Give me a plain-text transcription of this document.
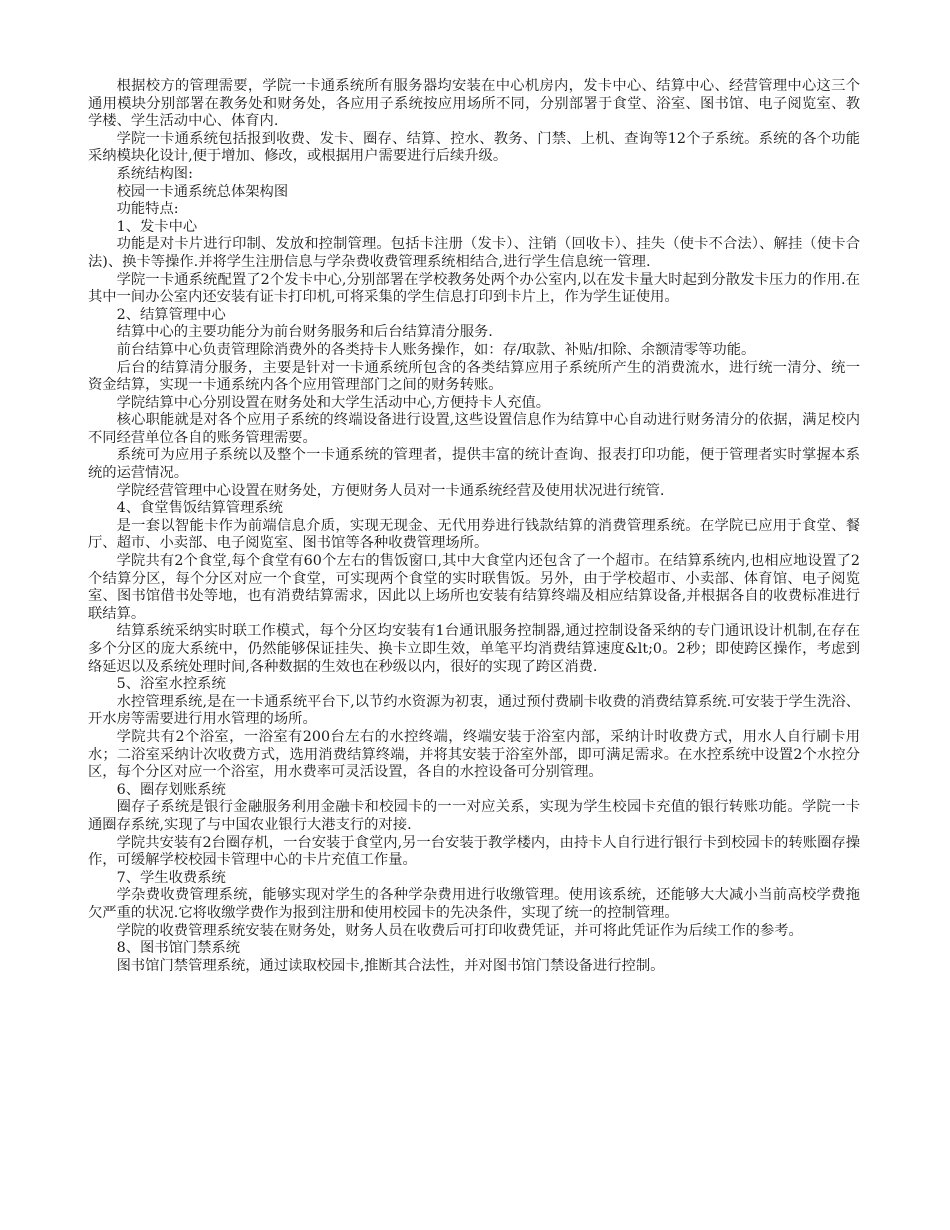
根据校方的管理需要，学院一卡通系统所有服务器均安装在中心机房内，发卡中心、结算中心、经营管理中心这三个通用模块分别部署在教务处和财务处，各应用子系统按应用场所不同，分别部署于食堂、浴室、图书馆、电子阅览室、教学楼、学生活动中心、体育内.

学院一卡通系统包括报到收费、发卡、圈存、结算、控水、教务、门禁、上机、查询等12个子系统。系统的各个功能采纳模块化设计,便于增加、修改，或根据用户需要进行后续升级。

系统结构图:

校园一卡通系统总体架构图

功能特点:

1、发卡中心

功能是对卡片进行印制、发放和控制管理。包括卡注册（发卡）、注销（回收卡）、挂失（使卡不合法）、解挂（使卡合法)、换卡等操作.并将学生注册信息与学杂费收费管理系统相结合,进行学生信息统一管理.

学院一卡通系统配置了2个发卡中心,分别部署在学校教务处两个办公室内,以在发卡量大时起到分散发卡压力的作用.在其中一间办公室内还安装有证卡打印机,可将采集的学生信息打印到卡片上，作为学生证使用。

2、结算管理中心

结算中心的主要功能分为前台财务服务和后台结算清分服务.

前台结算中心负责管理除消费外的各类持卡人账务操作，如：存/取款、补贴/扣除、余额清零等功能。

后台的结算清分服务，主要是针对一卡通系统所包含的各类结算应用子系统所产生的消费流水，进行统一清分、统一资金结算，实现一卡通系统内各个应用管理部门之间的财务转账。

学院结算中心分别设置在财务处和大学生活动中心,方便持卡人充值。

核心职能就是对各个应用子系统的终端设备进行设置,这些设置信息作为结算中心自动进行财务清分的依据，满足校内不同经营单位各自的账务管理需要。

系统可为应用子系统以及整个一卡通系统的管理者，提供丰富的统计查询、报表打印功能，便于管理者实时掌握本系统的运营情况。

学院经营管理中心设置在财务处，方便财务人员对一卡通系统经营及使用状况进行统管.

4、食堂售饭结算管理系统

是一套以智能卡作为前端信息介质，实现无现金、无代用券进行钱款结算的消费管理系统。在学院已应用于食堂、餐厅、超市、小卖部、电子阅览室、图书馆等各种收费管理场所。

学院共有2个食堂,每个食堂有60个左右的售饭窗口,其中大食堂内还包含了一个超市。在结算系统内,也相应地设置了2个结算分区，每个分区对应一个食堂，可实现两个食堂的实时联售饭。另外，由于学校超市、小卖部、体育馆、电子阅览室、图书馆借书处等地，也有消费结算需求，因此以上场所也安装有结算终端及相应结算设备,并根据各自的收费标准进行联结算。

结算系统采纳实时联工作模式，每个分区均安装有1台通讯服务控制器,通过控制设备采纳的专门通讯设计机制,在存在多个分区的庞大系统中，仍然能够保证挂失、换卡立即生效，单笔平均消费结算速度&lt;0。2秒；即使跨区操作，考虑到络延迟以及系统处理时间,各种数据的生效也在秒级以内，很好的实现了跨区消费.

5、浴室水控系统

水控管理系统,是在一卡通系统平台下,以节约水资源为初衷，通过预付费刷卡收费的消费结算系统.可安装于学生洗浴、开水房等需要进行用水管理的场所。

学院共有2个浴室，一浴室有200台左右的水控终端，终端安装于浴室内部，采纳计时收费方式，用水人自行刷卡用水；二浴室采纳计次收费方式，选用消费结算终端，并将其安装于浴室外部，即可满足需求。在水控系统中设置2个水控分区，每个分区对应一个浴室，用水费率可灵活设置，各自的水控设备可分别管理。

6、圈存划账系统

圈存子系统是银行金融服务利用金融卡和校园卡的一一对应关系，实现为学生校园卡充值的银行转账功能。学院一卡通圈存系统,实现了与中国农业银行大港支行的对接.

学院共安装有2台圈存机，一台安装于食堂内,另一台安装于教学楼内，由持卡人自行进行银行卡到校园卡的转账圈存操作，可缓解学校校园卡管理中心的卡片充值工作量。

7、学生收费系统

学杂费收费管理系统，能够实现对学生的各种学杂费用进行收缴管理。使用该系统，还能够大大减小当前高校学费拖欠严重的状况.它将收缴学费作为报到注册和使用校园卡的先决条件，实现了统一的控制管理。

学院的收费管理系统安装在财务处，财务人员在收费后可打印收费凭证，并可将此凭证作为后续工作的参考。

8、图书馆门禁系统

图书馆门禁管理系统，通过读取校园卡,推断其合法性，并对图书馆门禁设备进行控制。
